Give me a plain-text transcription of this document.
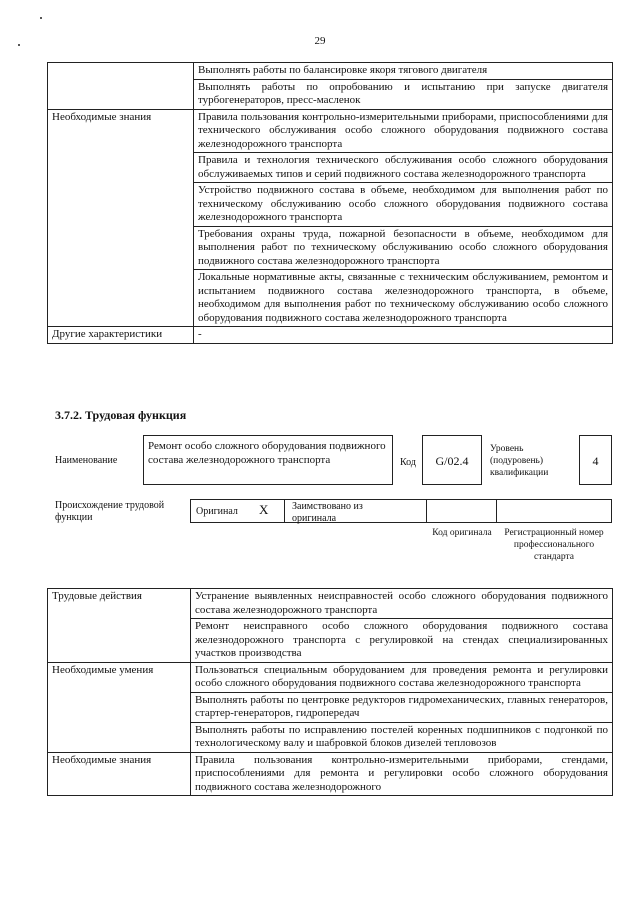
29
	Выполнять работы по балансировке якоря тягового двигателя
	Выполнять работы по опробованию и испытанию при запуске двигателя турбогенераторов, пресс-масленок
Необходимые знания	Правила пользования контрольно-измерительными приборами, приспособлениями для технического обслуживания особо сложного оборудования подвижного состава железнодорожного транспорта
	Правила и технология технического обслуживания особо сложного оборудования обслуживаемых типов и серий подвижного состава железнодорожного транспорта
	Устройство подвижного состава в объеме, необходимом для выполнения работ по техническому обслуживанию особо сложного оборудования подвижного состава железнодорожного транспорта
	Требования охраны труда, пожарной безопасности в объеме, необходимом для выполнения работ по техническому обслуживанию особо сложного оборудования подвижного состава железнодорожного транспорта
	Локальные нормативные акты, связанные с техническим обслуживанием, ремонтом и испытанием подвижного состава железнодорожного транспорта, в объеме, необходимом для выполнения работ по техническому обслуживанию особо сложного оборудования подвижного состава железнодорожного транспорта
Другие характеристики	-
3.7.2. Трудовая функция
Наименование
Ремонт особо сложного оборудования подвижного состава железнодорожного транспорта	Код	G/02.4
Уровень (подуровень) квалификации
4
Происхождение трудовой функции
Оригинал X Заимствовано из оригинала
Код оригинала	Регистрационный номер профессионального стандарта
Трудовые действия	Устранение выявленных неисправностей особо сложного оборудования подвижного состава железнодорожного транспорта
	Ремонт неисправного особо сложного оборудования подвижного состава железнодорожного транспорта с регулировкой на стендах специализированных участков производства
Необходимые умения	Пользоваться специальным оборудованием для проведения ремонта и регулировки особо сложного оборудования подвижного состава железнодорожного транспорта
	Выполнять работы по центровке редукторов гидромеханических, главных генераторов, стартер-генераторов, гидропередач
	Выполнять работы по исправлению постелей коренных подшипников с подгонкой по технологическому валу и шабровкой блоков дизелей тепловозов
Необходимые знания	Правила пользования контрольно-измерительными приборами, стендами, приспособлениями для ремонта и регулировки особо сложного оборудования подвижного состава железнодорожного
